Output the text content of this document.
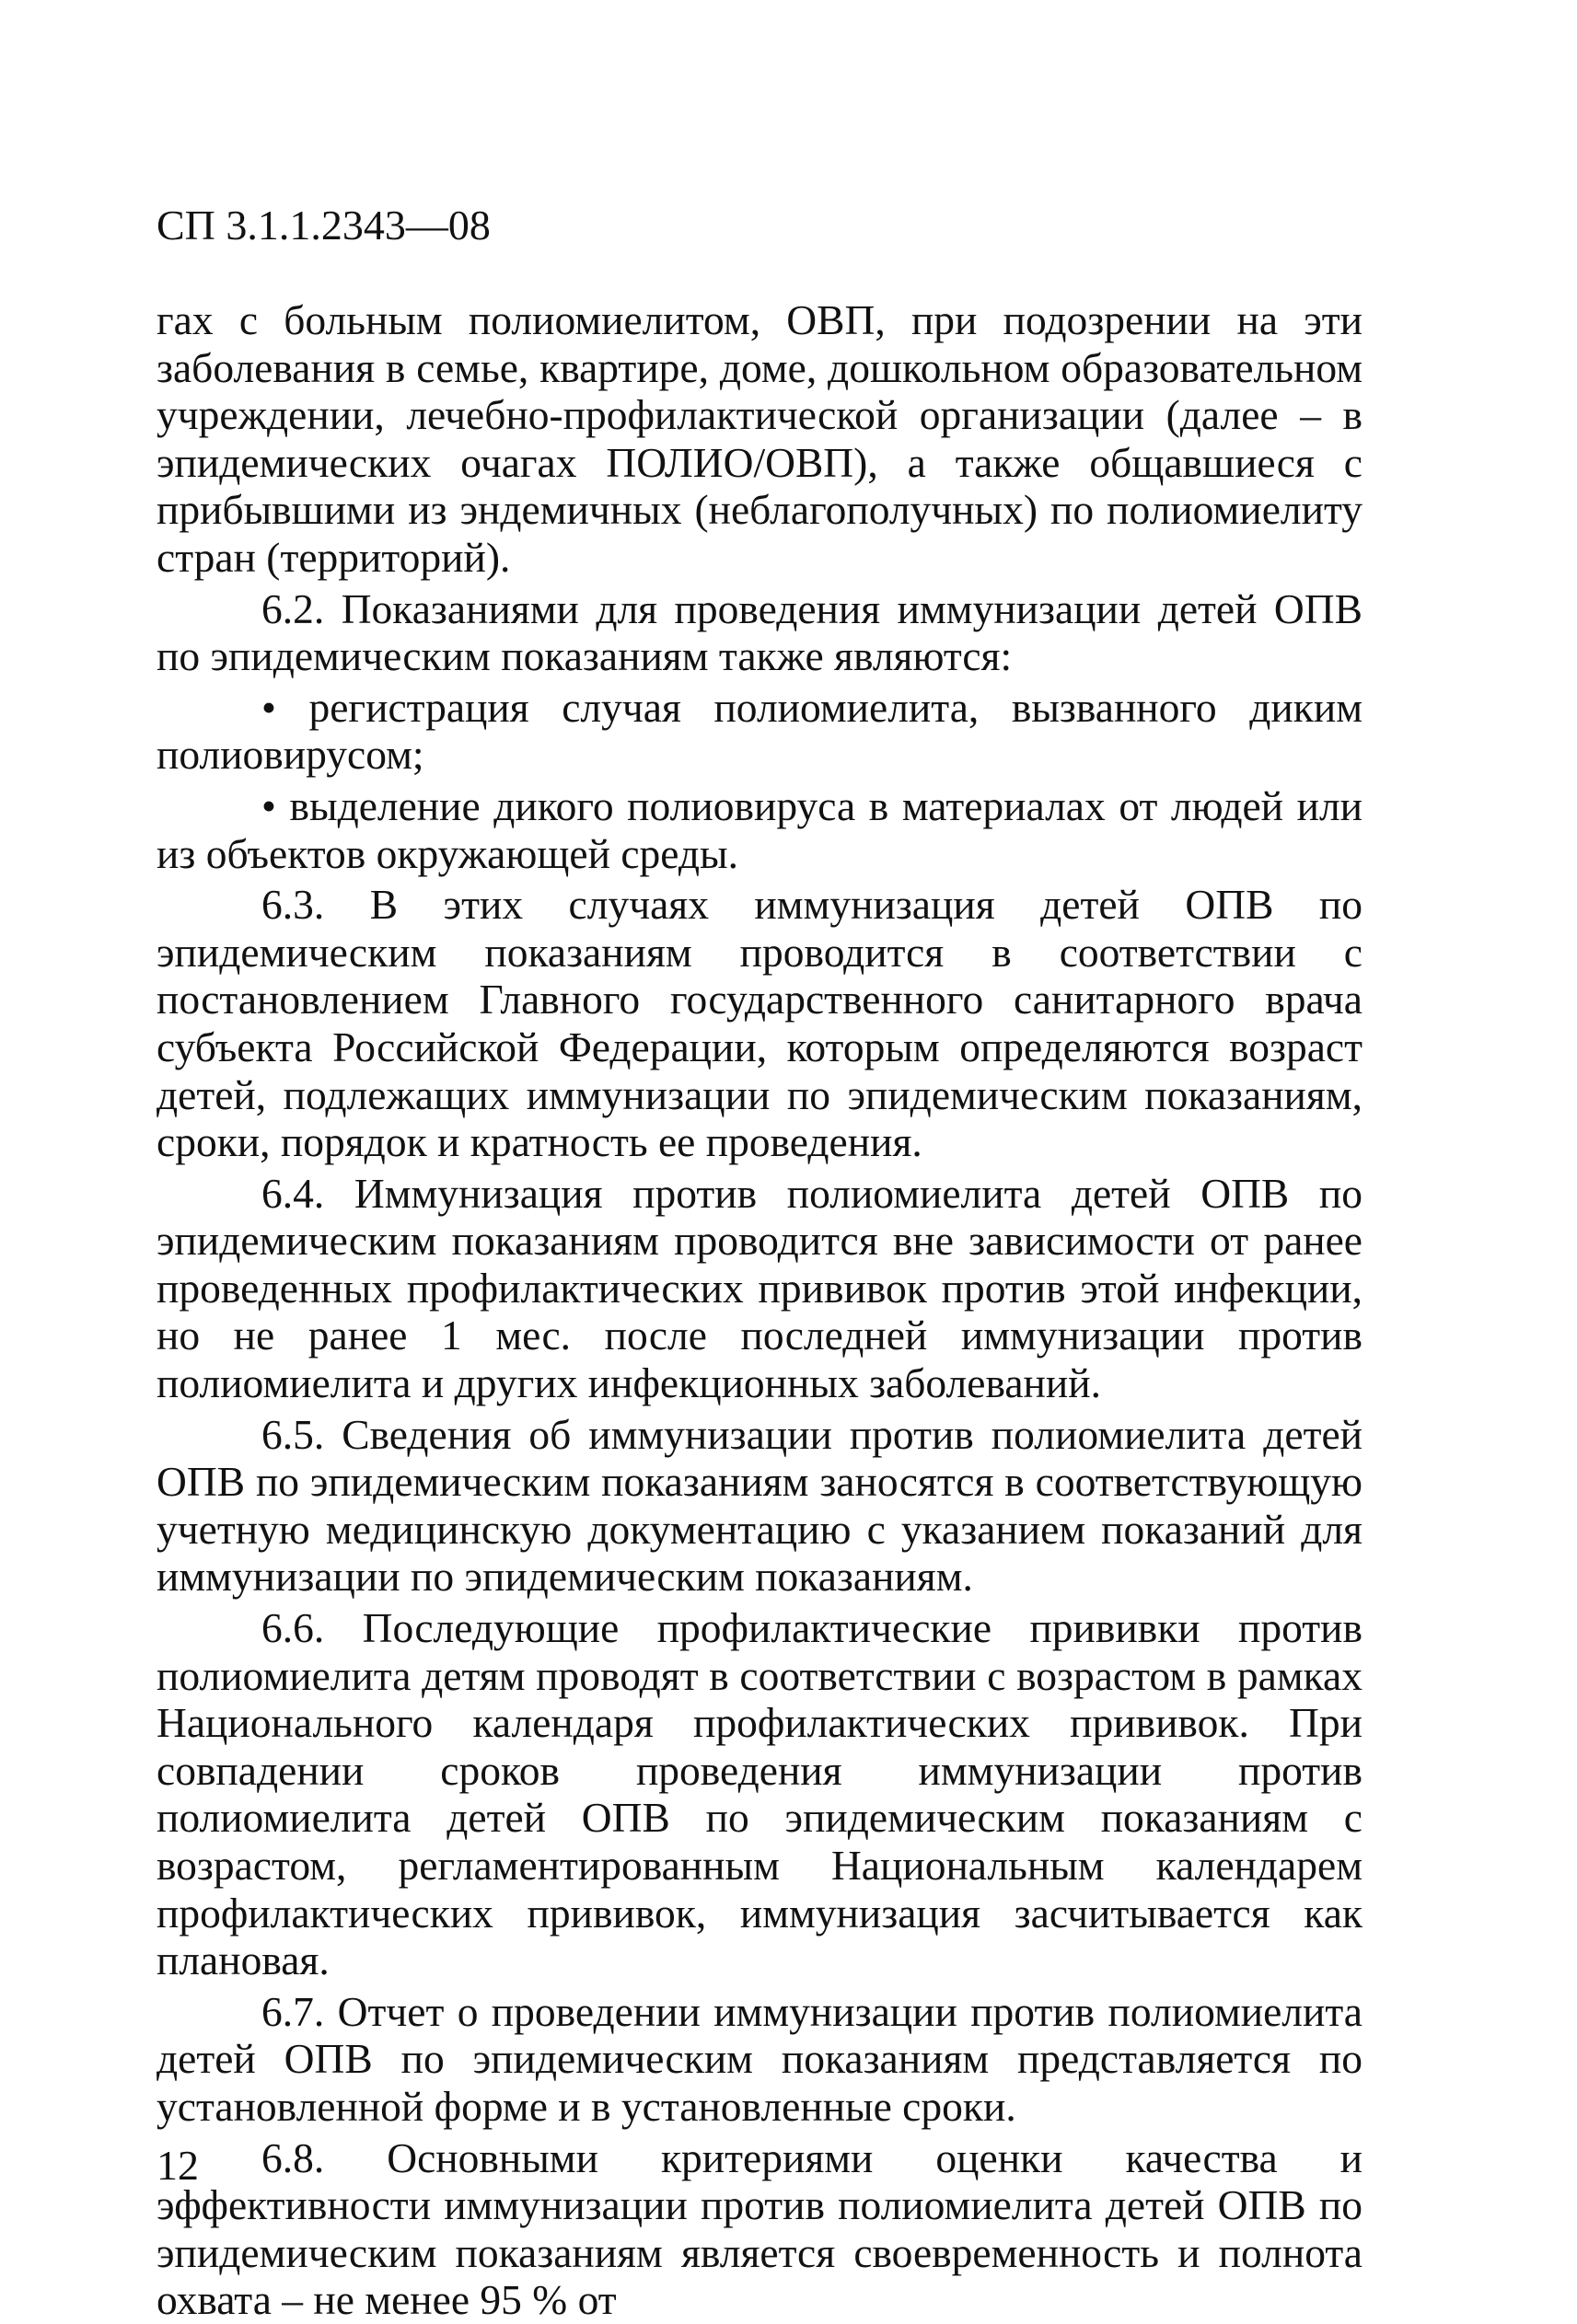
СП 3.1.1.2343—08

гах с больным полиомиелитом, ОВП, при подозрении на эти заболевания в семье, квартире, доме, дошкольном образовательном учреждении, лечебно-профилактической организации (далее – в эпидемических очагах ПОЛИО/ОВП), а также общавшиеся с прибывшими из эндемичных (неблагополучных) по полиомиелиту стран (территорий).

6.2. Показаниями для проведения иммунизации детей ОПВ по эпидемическим показаниям также являются:

• регистрация случая полиомиелита, вызванного диким полиовирусом;

• выделение дикого полиовируса в материалах от людей или из объектов окружающей среды.

6.3. В этих случаях иммунизация детей ОПВ по эпидемическим показаниям проводится в соответствии с постановлением Главного государственного санитарного врача субъекта Российской Федерации, которым определяются возраст детей, подлежащих иммунизации по эпидемическим показаниям, сроки, порядок и кратность ее проведения.

6.4. Иммунизация против полиомиелита детей ОПВ по эпидемическим показаниям проводится вне зависимости от ранее проведенных профилактических прививок против этой инфекции, но не ранее 1 мес. после последней иммунизации против полиомиелита и других инфекционных заболеваний.

6.5. Сведения об иммунизации против полиомиелита детей ОПВ по эпидемическим показаниям заносятся в соответствующую учетную медицинскую документацию с указанием показаний для иммунизации по эпидемическим показаниям.

6.6. Последующие профилактические прививки против полиомиелита детям проводят в соответствии с возрастом в рамках Национального календаря профилактических прививок. При совпадении сроков проведения иммунизации против полиомиелита детей ОПВ по эпидемическим показаниям с возрастом, регламентированным Национальным календарем профилактических прививок, иммунизация засчитывается как плановая.

6.7. Отчет о проведении иммунизации против полиомиелита детей ОПВ по эпидемическим показаниям представляется по установленной форме и в установленные сроки.

6.8. Основными критериями оценки качества и эффективности иммунизации против полиомиелита детей ОПВ по эпидемическим показаниям является своевременность и полнота охвата – не менее 95 % от

12
